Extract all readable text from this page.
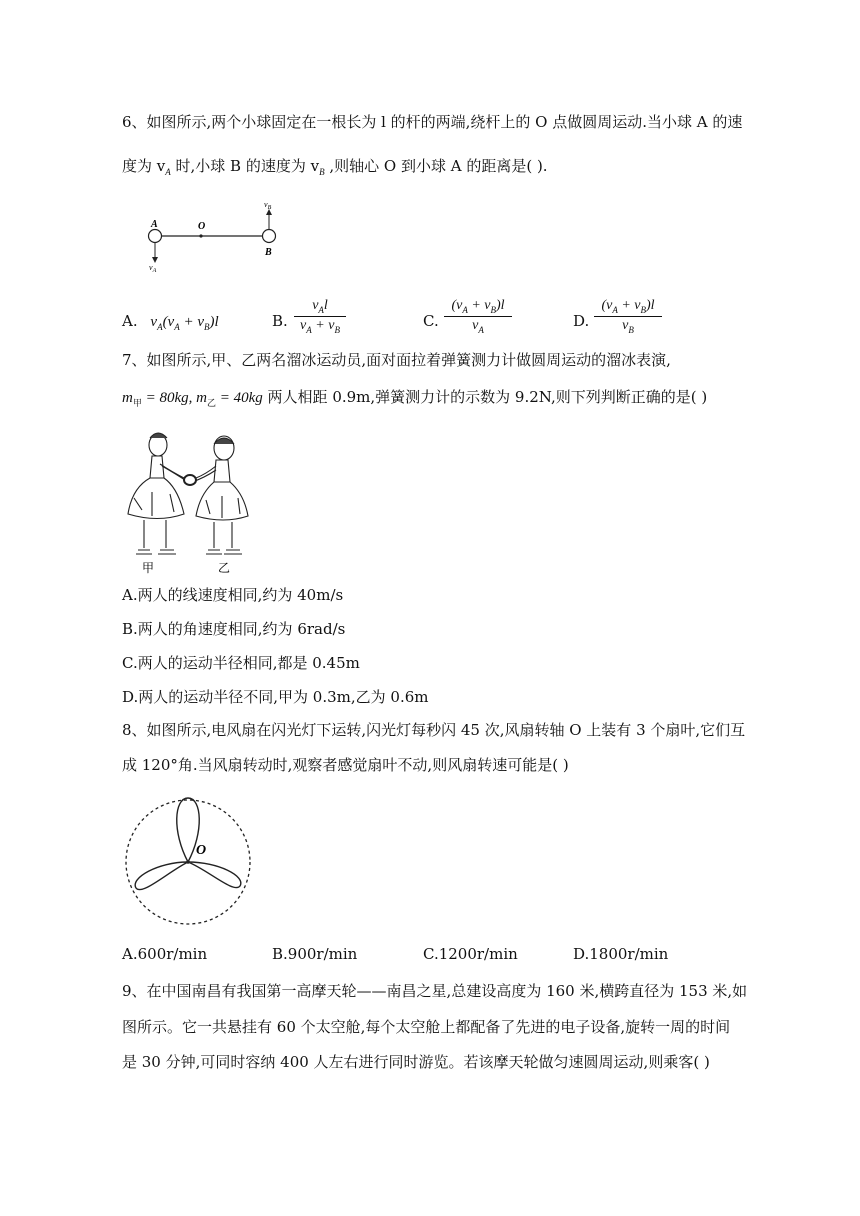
6、如图所示,两个小球固定在一根长为 l 的杆的两端,绕杆上的 O 点做圆周运动.当小球 A 的速
度为 $v_A$ 时,小球 B 的速度为 $v_B$ ,则轴心 O 到小球 A 的距离是( ).
A	O
B
$v_A$
$v_B$
A. $v_A(v_A + v_B)l$	B.
$v_Al$
$v_A + v_B$	C. $\frac{(v_A + v_B)l}{v_A}$	D. $\frac{(v_A + v_B)l}{v_B}$
7、如图所示,甲、乙两名溜冰运动员,面对面拉着弹簧测力计做圆周运动的溜冰表演,
$m_甲 = 80kg$, $m_乙 = 40kg$ 两人相距 0.9m,弹簧测力计的示数为 9.2N,则下列判断正确的是( )
甲	乙
A.两人的线速度相同,约为 40m/s
B.两人的角速度相同,约为 6rad/s
C.两人的运动半径相同,都是 0.45m
D.两人的运动半径不同,甲为 0.3m,乙为 0.6m
8、如图所示,电风扇在闪光灯下运转,闪光灯每秒闪 45 次,风扇转轴 O 上装有 3 个扇叶,它们互
成 120°角.当风扇转动时,观察者感觉扇叶不动,则风扇转速可能是( )
O
A.600r/min	B.900r/min	C.1200r/min	D.1800r/min
9、在中国南昌有我国第一高摩天轮——南昌之星,总建设高度为 160 米,横跨直径为 153 米,如
图所示。它一共悬挂有 60 个太空舱,每个太空舱上都配备了先进的电子设备,旋转一周的时间
是 30 分钟,可同时容纳 400 人左右进行同时游览。若该摩天轮做匀速圆周运动,则乘客( )
